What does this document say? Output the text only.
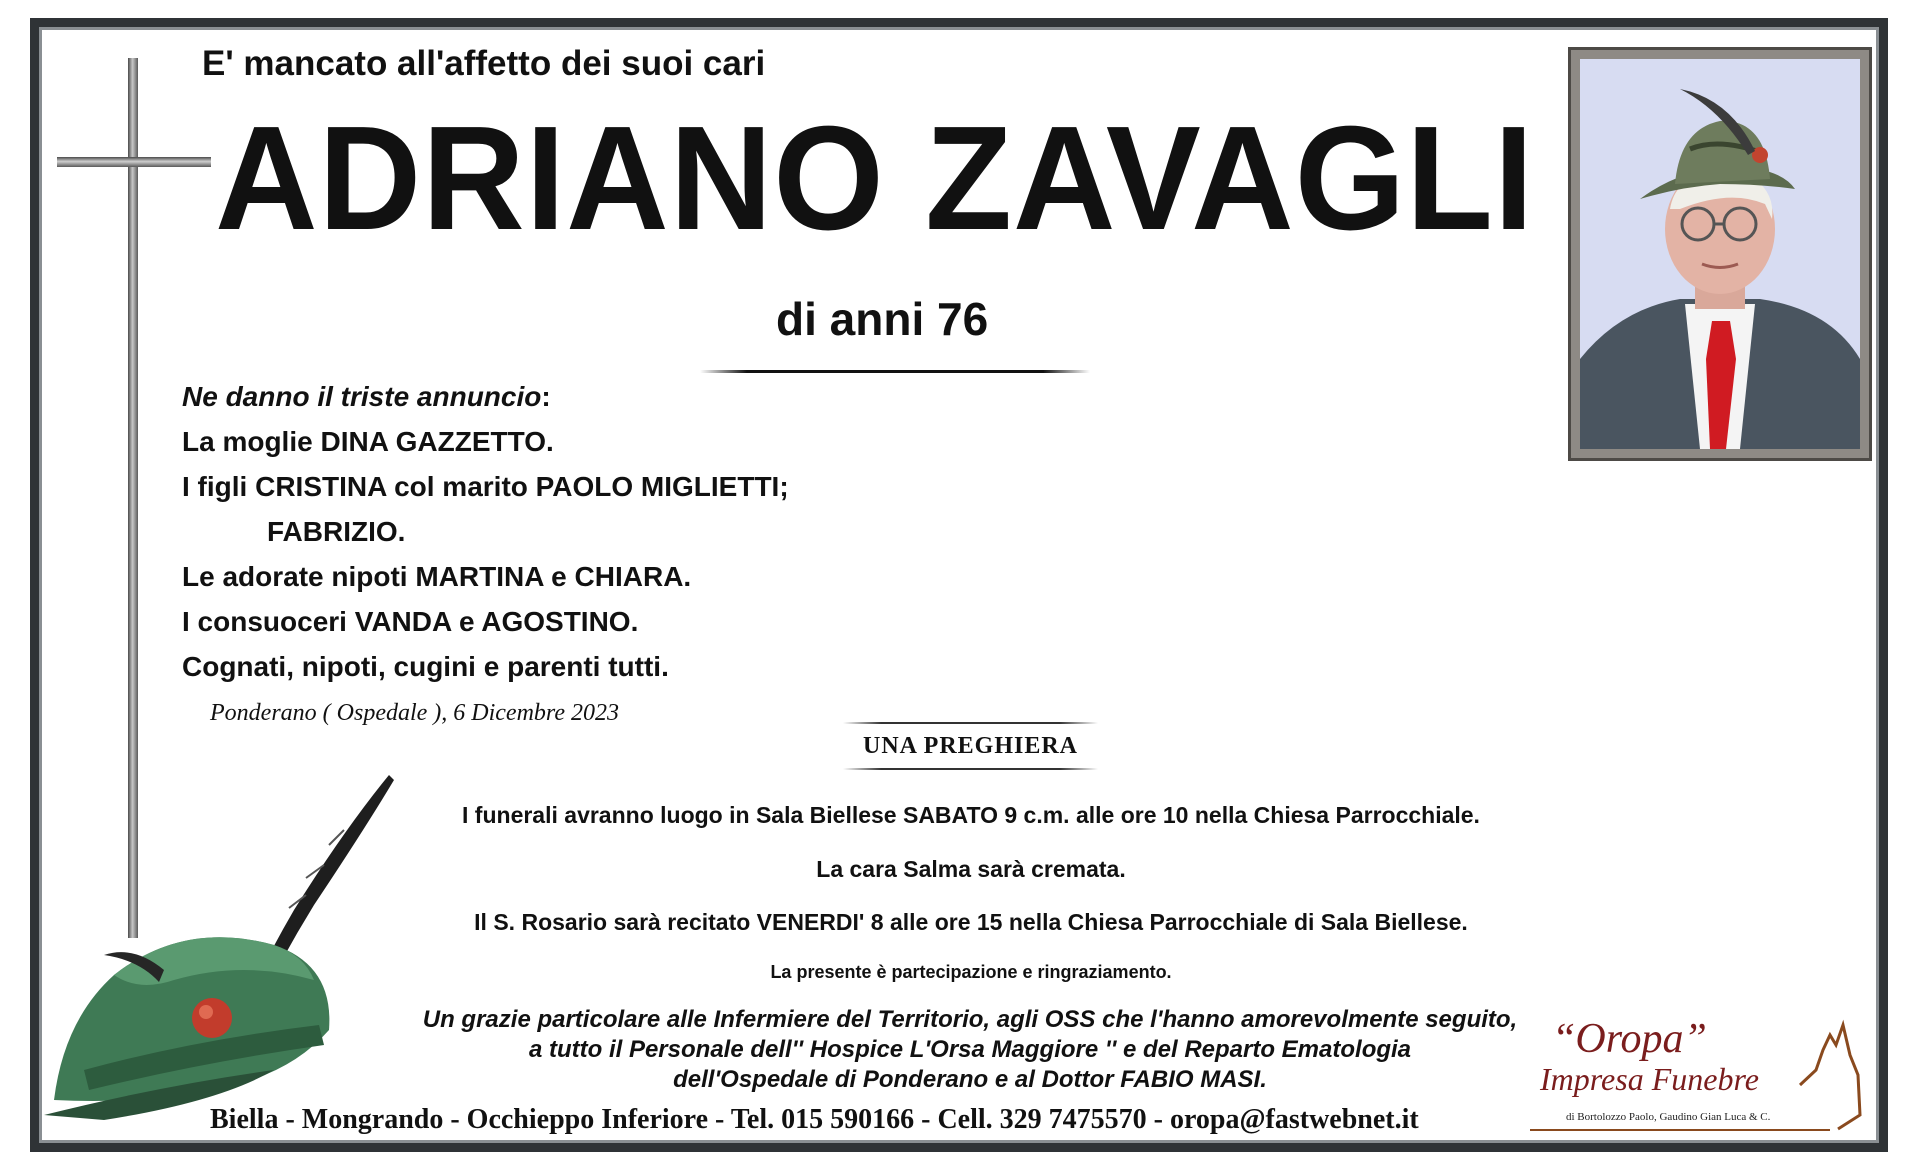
E' mancato all'affetto dei suoi cari
ADRIANO ZAVAGLI
di anni 76
Ne danno il triste annuncio:
La moglie DINA GAZZETTO.
I figli CRISTINA col marito PAOLO MIGLIETTI;
FABRIZIO.
Le adorate nipoti MARTINA e CHIARA.
I consuoceri VANDA e AGOSTINO.
Cognati, nipoti, cugini e parenti tutti.
Ponderano ( Ospedale ), 6 Dicembre 2023
UNA PREGHIERA
I funerali avranno luogo in Sala Biellese SABATO 9 c.m. alle ore 10 nella Chiesa Parrocchiale.
La cara Salma sarà cremata.
Il S. Rosario sarà recitato VENERDI' 8 alle ore 15 nella Chiesa Parrocchiale di Sala Biellese.
La presente è partecipazione e ringraziamento.
Un grazie particolare alle Infermiere del Territorio, agli OSS che l'hanno amorevolmente seguito,
a tutto il Personale dell'' Hospice L'Orsa Maggiore '' e del Reparto Ematologia
dell'Ospedale di Ponderano e al Dottor FABIO MASI.
Biella - Mongrando - Occhieppo Inferiore - Tel. 015 590166 - Cell. 329 7475570 - oropa@fastwebnet.it
“Oropa”
Impresa Funebre
di Bortolozzo Paolo, Gaudino Gian Luca & C.
